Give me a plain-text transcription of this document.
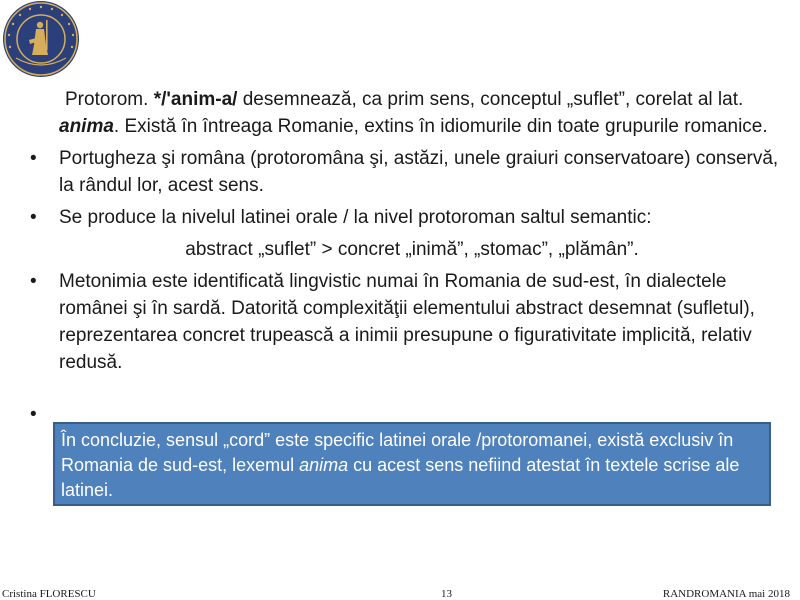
Protorom. */'anim-a/ desemnează, ca prim sens, conceptul „suflet”, corelat al lat. anima. Există în întreaga Romanie, extins în idiomurile din toate grupurile romanice.
•	Portugheza şi româna (protoromâna şi, astăzi, unele graiuri conservatoare) conservă, la rândul lor, acest sens.
•	Se produce la nivelul latinei orale / la nivel protoroman saltul semantic:
abstract „suflet” > concret „inimă”, „stomac”, „plămân”.
•	Metonimia este identificată lingvistic numai în Romania de sud-est, în dialectele românei şi în sardă. Datorită complexităţii elementului abstract desemnat (sufletul), reprezentarea concret trupească a inimii presupune o figurativitate implicită, relativ redusă.
•
În concluzie, sensul „cord” este specific latinei orale /protoromanei, există exclusiv în Romania de sud-est, lexemul anima cu acest sens nefiind atestat în textele scrise ale latinei.
Cristina FLORESCU	13	RANDROMANIA mai 2018
